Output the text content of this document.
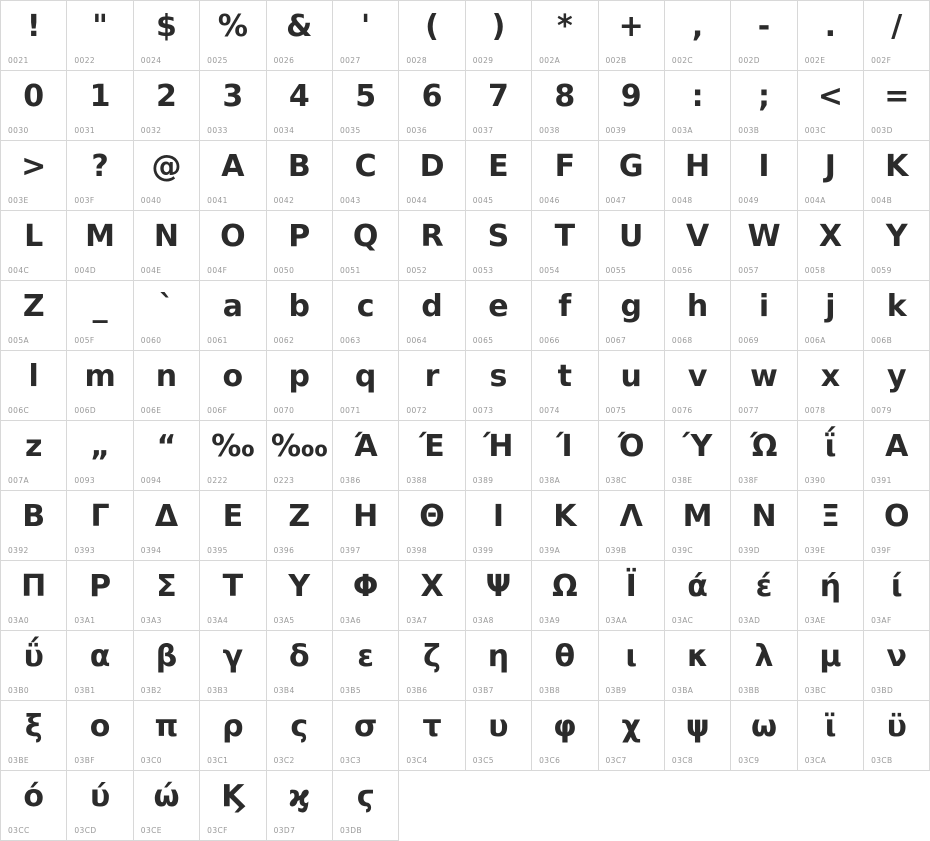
!
0021
"
0022
$
0024
%
0025
&
0026
'
0027
(
0028
)
0029
*
002A
+
002B
,
002C
-
002D
.
002E
/
002F
0
0030
1
0031
2
0032
3
0033
4
0034
5
0035
6
0036
7
0037
8
0038
9
0039
:
003A
;
003B
<
003C
=
003D
>
003E
?
003F
@
0040
A
0041
B
0042
C
0043
D
0044
E
0045
F
0046
G
0047
H
0048
I
0049
J
004A
K
004B
L
004C
M
004D
N
004E
O
004F
P
0050
Q
0051
R
0052
S
0053
T
0054
U
0055
V
0056
W
0057
X
0058
Y
0059
Z
005A
_
005F
`
0060
a
0061
b
0062
c
0063
d
0064
e
0065
f
0066
g
0067
h
0068
i
0069
j
006A
k
006B
l
006C
m
006D
n
006E
o
006F
p
0070
q
0071
r
0072
s
0073
t
0074
u
0075
v
0076
w
0077
x
0078
y
0079
z
007A
„
0093
“
0094
‰
0222
‱
0223
Ά
0386
Έ
0388
Ή
0389
Ί
038A
Ό
038C
Ύ
038E
Ώ
038F
ΐ
0390
Α
0391
Β
0392
Γ
0393
Δ
0394
Ε
0395
Ζ
0396
Η
0397
Θ
0398
Ι
0399
Κ
039A
Λ
039B
Μ
039C
Ν
039D
Ξ
039E
Ο
039F
Π
03A0
Ρ
03A1
Σ
03A3
Τ
03A4
Υ
03A5
Φ
03A6
Χ
03A7
Ψ
03A8
Ω
03A9
Ϊ
03AA
ά
03AC
έ
03AD
ή
03AE
ί
03AF
ΰ
03B0
α
03B1
β
03B2
γ
03B3
δ
03B4
ε
03B5
ζ
03B6
η
03B7
θ
03B8
ι
03B9
κ
03BA
λ
03BB
μ
03BC
ν
03BD
ξ
03BE
ο
03BF
π
03C0
ρ
03C1
ς
03C2
σ
03C3
τ
03C4
υ
03C5
φ
03C6
χ
03C7
ψ
03C8
ω
03C9
ϊ
03CA
ϋ
03CB
ό
03CC
ύ
03CD
ώ
03CE
Ϗ
03CF
ϗ
03D7
ϛ
03DB
